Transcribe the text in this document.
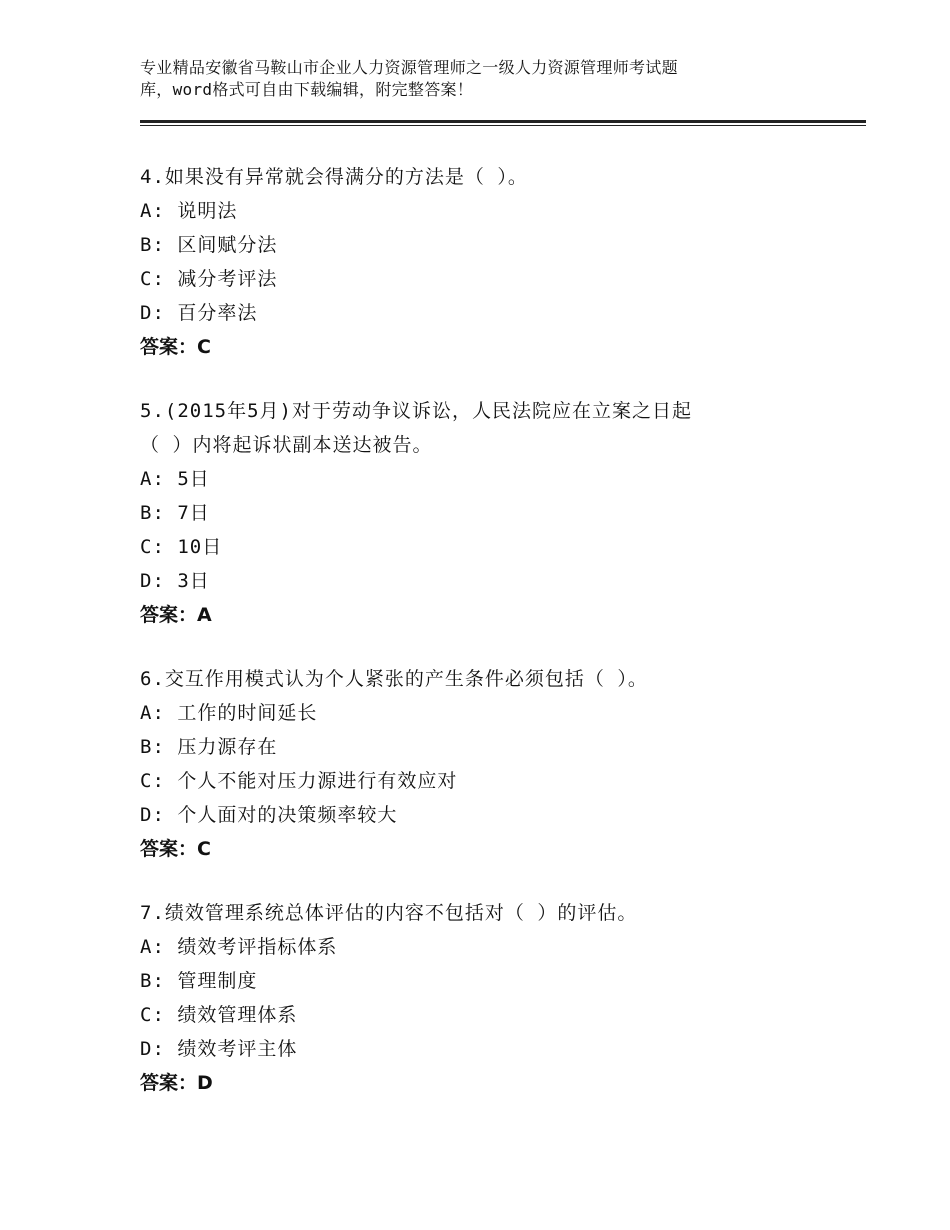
专业精品安徽省马鞍山市企业人力资源管理师之一级人力资源管理师考试题
库，word格式可自由下载编辑，附完整答案！
4.如果没有异常就会得满分的方法是（ ）。
A: 说明法
B: 区间赋分法
C: 减分考评法
D: 百分率法
答案：C
5.(2015年5月)对于劳动争议诉讼，人民法院应在立案之日起
（ ）内将起诉状副本送达被告。
A: 5日
B: 7日
C: 10日
D: 3日
答案：A
6.交互作用模式认为个人紧张的产生条件必须包括（ ）。
A: 工作的时间延长
B: 压力源存在
C: 个人不能对压力源进行有效应对
D: 个人面对的决策频率较大
答案：C
7.绩效管理系统总体评估的内容不包括对（ ）的评估。
A: 绩效考评指标体系
B: 管理制度
C: 绩效管理体系
D: 绩效考评主体
答案：D
